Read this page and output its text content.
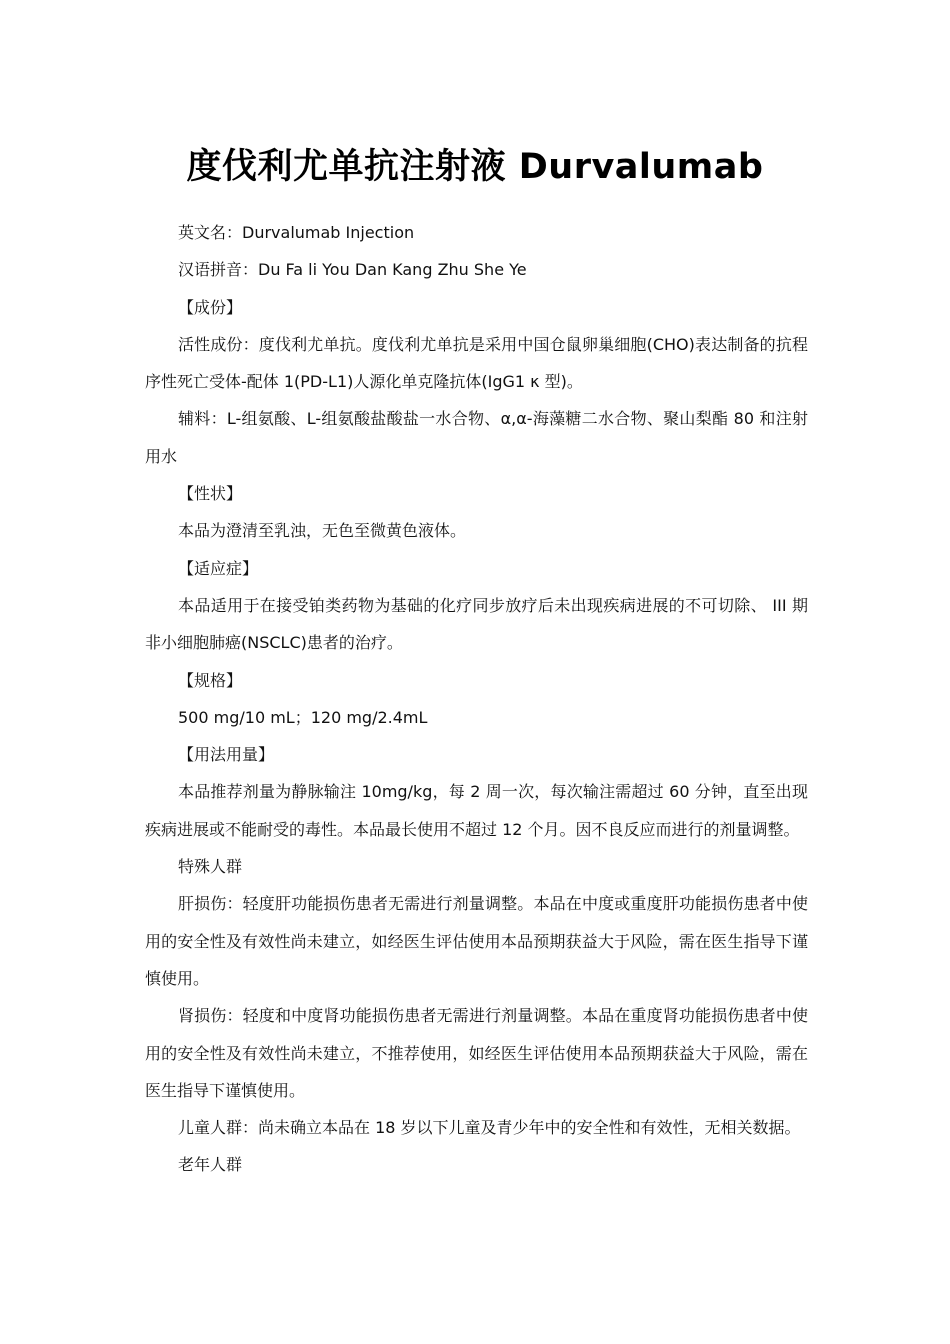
度伐利尤单抗注射液 Durvalumab

英文名：Durvalumab Injection

汉语拼音：Du Fa li You Dan Kang Zhu She Ye

【成份】

活性成份：度伐利尤单抗。度伐利尤单抗是采用中国仓鼠卵巢细胞(CHO)表达制备的抗程序性死亡受体-配体 1(PD-L1)人源化单克隆抗体(IgG1 κ 型)。

辅料：L-组氨酸、L-组氨酸盐酸盐一水合物、α,α-海藻糖二水合物、聚山梨酯 80 和注射用水

【性状】

本品为澄清至乳浊，无色至微黄色液体。

【适应症】

本品适用于在接受铂类药物为基础的化疗同步放疗后未出现疾病进展的不可切除、 III 期非小细胞肺癌(NSCLC)患者的治疗。

【规格】

500 mg/10 mL；120 mg/2.4mL

【用法用量】

本品推荐剂量为静脉输注 10mg/kg，每 2 周一次，每次输注需超过 60 分钟，直至出现疾病进展或不能耐受的毒性。本品最长使用不超过 12 个月。因不良反应而进行的剂量调整。

特殊人群

肝损伤：轻度肝功能损伤患者无需进行剂量调整。本品在中度或重度肝功能损伤患者中使用的安全性及有效性尚未建立，如经医生评估使用本品预期获益大于风险，需在医生指导下谨慎使用。

肾损伤：轻度和中度肾功能损伤患者无需进行剂量调整。本品在重度肾功能损伤患者中使用的安全性及有效性尚未建立，不推荐使用，如经医生评估使用本品预期获益大于风险，需在医生指导下谨慎使用。

儿童人群：尚未确立本品在 18 岁以下儿童及青少年中的安全性和有效性，无相关数据。

老年人群
